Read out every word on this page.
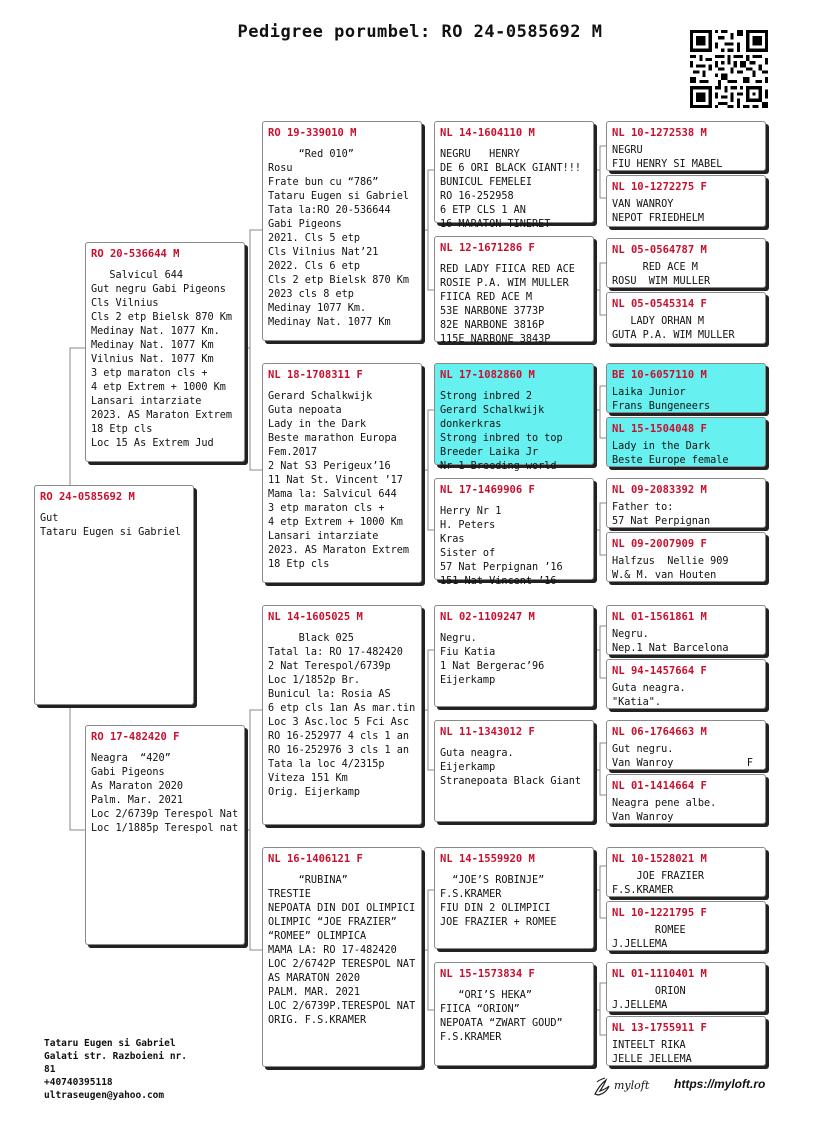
Pedigree porumbel: RO 24-0585692 M
RO 24-0585692 M
Gut
Tataru Eugen si Gabriel
RO 20-536644 M
Salvicul 644
Gut negru Gabi Pigeons
Cls Vilnius
Cls 2 etp Bielsk 870 Km
Medinay Nat. 1077 Km.
Medinay Nat. 1077 Km
Vilnius Nat. 1077 Km
3 etp maraton cls +
4 etp Extrem + 1000 Km
Lansari intarziate
2023. AS Maraton Extrem
18 Etp cls
Loc 15 As Extrem Jud
RO 17-482420 F
Neagra  “420”
Gabi Pigeons
As Maraton 2020
Palm. Mar. 2021
Loc 2/6739p Terespol Nat
Loc 1/1885p Terespol nat
RO 19-339010 M
“Red 010”
Rosu
Frate bun cu “786”
Tataru Eugen si Gabriel
Tata la:RO 20-536644
Gabi Pigeons
2021. Cls 5 etp
Cls Vilnius Nat’21
2022. Cls 6 etp
Cls 2 etp Bielsk 870 Km
2023 cls 8 etp
Medinay 1077 Km.
Medinay Nat. 1077 Km
NL 18-1708311 F
Gerard Schalkwijk
Guta nepoata
Lady in the Dark
Beste marathon Europa
Fem.2017
2 Nat S3 Perigeux’16
11 Nat St. Vincent ’17
Mama la: Salvicul 644
3 etp maraton cls +
4 etp Extrem + 1000 Km
Lansari intarziate
2023. AS Maraton Extrem
18 Etp cls
NL 14-1605025 M
Black 025
Tatal la: RO 17-482420
2 Nat Terespol/6739p
Loc 1/1852p Br.
Bunicul la: Rosia AS
6 etp cls 1an As mar.tin
Loc 3 Asc.loc 5 Fci Asc
RO 16-252977 4 cls 1 an
RO 16-252976 3 cls 1 an
Tata la loc 4/2315p
Viteza 151 Km
Orig. Eijerkamp
NL 16-1406121 F
“RUBINA”
TRESTIE
NEPOATA DIN DOI OLIMPICI
OLIMPIC “JOE FRAZIER”
“ROMEE” OLIMPICA
MAMA LA: RO 17-482420
LOC 2/6742P TERESPOL NAT
AS MARATON 2020
PALM. MAR. 2021
LOC 2/6739P.TERESPOL NAT
ORIG. F.S.KRAMER
NL 14-1604110 M
NEGRU   HENRY
DE 6 ORI BLACK GIANT!!!
BUNICUL FEMELEI
RO 16-252958
6 ETP CLS 1 AN
16 MARATON TINERET
NL 12-1671286 F
RED LADY FIICA RED ACE
ROSIE P.A. WIM MULLER
FIICA RED ACE M
53E NARBONE 3773P
82E NARBONE 3816P
115E NARBONE 3843P
NL 17-1082860 M
Strong inbred 2
Gerard Schalkwijk
donkerkras
Strong inbred to top
Breeder Laika Jr
Nr 1 Breeding world
NL 17-1469906 F
Herry Nr 1
H. Peters
Kras
Sister of
57 Nat Perpignan ’16
151 Nat Vincent ’16
NL 02-1109247 M
Negru.
Fiu Katia
1 Nat Bergerac’96
Eijerkamp
NL 11-1343012 F
Guta neagra.
Eijerkamp
Stranepoata Black Giant
NL 14-1559920 M
“JOE’S ROBINJE”
F.S.KRAMER
FIU DIN 2 OLIMPICI
JOE FRAZIER + ROMEE
NL 15-1573834 F
“ORI’S HEKA”
FIICA “ORION”
NEPOATA “ZWART GOUD”
F.S.KRAMER
NL 10-1272538 M
NEGRU
FIU HENRY SI MABEL
NL 10-1272275 F
VAN WANROY
NEPOT FRIEDHELM
NL 05-0564787 M
RED ACE M
ROSU  WIM MULLER
NL 05-0545314 F
LADY ORHAN M
GUTA P.A. WIM MULLER
BE 10-6057110 M
Laika Junior
Frans Bungeneers
NL 15-1504048 F
Lady in the Dark
Beste Europe female
NL 09-2083392 M
Father to:
57 Nat Perpignan
NL 09-2007909 F
Halfzus  Nellie 909
W.& M. van Houten
NL 01-1561861 M
Negru.
Nep.1 Nat Barcelona
NL 94-1457664 F
Guta neagra.
"Katia".
NL 06-1764663 M
Gut negru.
Van Wanroy            F
NL 01-1414664 F
Neagra pene albe.
Van Wanroy
NL 10-1528021 M
JOE FRAZIER
F.S.KRAMER
NL 10-1221795 F
ROMEE
J.JELLEMA
NL 01-1110401 M
ORION
J.JELLEMA
NL 13-1755911 F
INTEELT RIKA
JELLE JELLEMA
Tataru Eugen si Gabriel
Galati str. Razboieni nr.
81
+40740395118
ultraseugen@yahoo.com
myloft https://myloft.ro
